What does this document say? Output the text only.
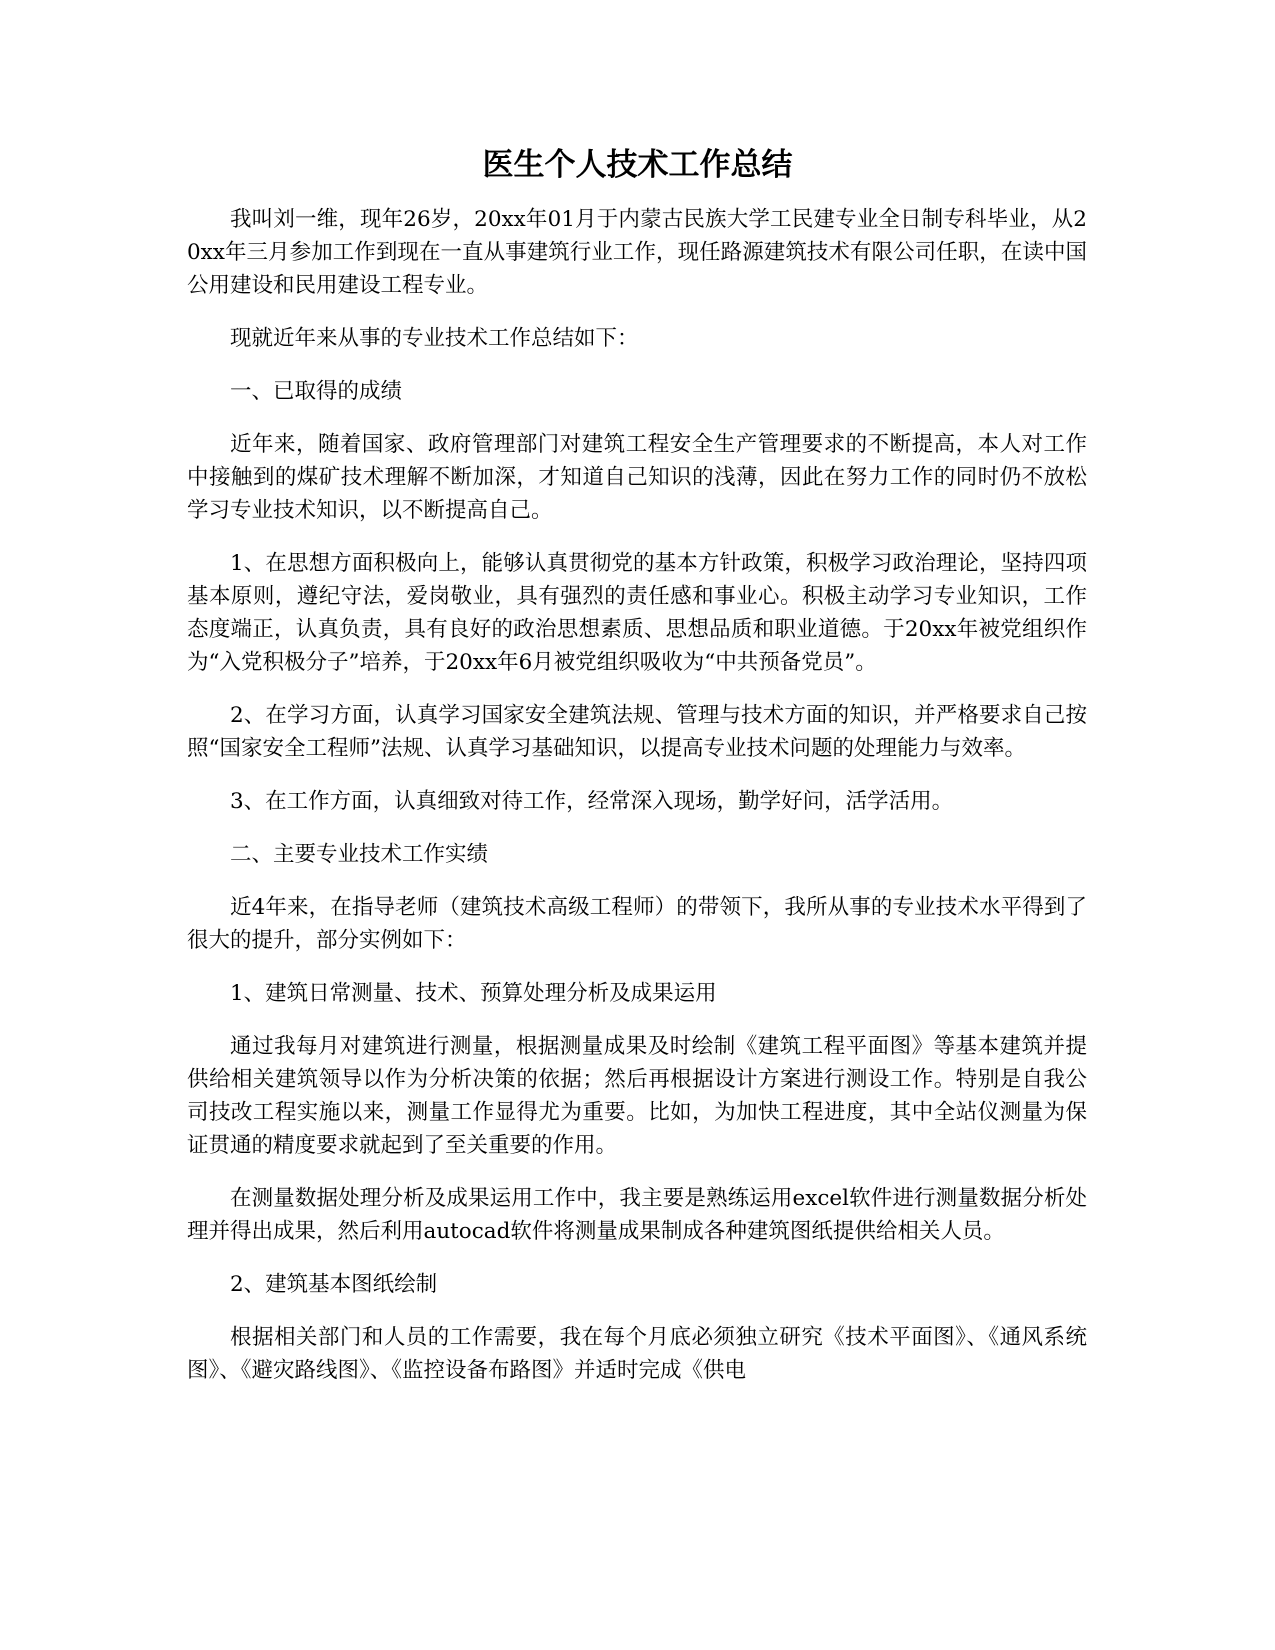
医生个人技术工作总结

我叫刘一维，现年26岁，20xx年01月于内蒙古民族大学工民建专业全日制专科毕业，从20xx年三月参加工作到现在一直从事建筑行业工作，现任路源建筑技术有限公司任职，在读中国公用建设和民用建设工程专业。

现就近年来从事的专业技术工作总结如下：

一、已取得的成绩

近年来，随着国家、政府管理部门对建筑工程安全生产管理要求的不断提高，本人对工作中接触到的煤矿技术理解不断加深，才知道自己知识的浅薄，因此在努力工作的同时仍不放松学习专业技术知识，以不断提高自己。

1、在思想方面积极向上，能够认真贯彻党的基本方针政策，积极学习政治理论，坚持四项基本原则，遵纪守法，爱岗敬业，具有强烈的责任感和事业心。积极主动学习专业知识，工作态度端正，认真负责，具有良好的政治思想素质、思想品质和职业道德。于20xx年被党组织作为“入党积极分子”培养，于20xx年6月被党组织吸收为“中共预备党员”。

2、在学习方面，认真学习国家安全建筑法规、管理与技术方面的知识，并严格要求自己按照“国家安全工程师”法规、认真学习基础知识，以提高专业技术问题的处理能力与效率。

3、在工作方面，认真细致对待工作，经常深入现场，勤学好问，活学活用。

二、主要专业技术工作实绩

近4年来，在指导老师（建筑技术高级工程师）的带领下，我所从事的专业技术水平得到了很大的提升，部分实例如下：

1、建筑日常测量、技术、预算处理分析及成果运用

通过我每月对建筑进行测量，根据测量成果及时绘制《建筑工程平面图》等基本建筑并提供给相关建筑领导以作为分析决策的依据；然后再根据设计方案进行测设工作。特别是自我公司技改工程实施以来，测量工作显得尤为重要。比如，为加快工程进度，其中全站仪测量为保证贯通的精度要求就起到了至关重要的作用。

在测量数据处理分析及成果运用工作中，我主要是熟练运用excel软件进行测量数据分析处理并得出成果，然后利用autocad软件将测量成果制成各种建筑图纸提供给相关人员。

2、建筑基本图纸绘制

根据相关部门和人员的工作需要，我在每个月底必须独立研究《技术平面图》、《通风系统图》、《避灾路线图》、《监控设备布路图》并适时完成《供电
